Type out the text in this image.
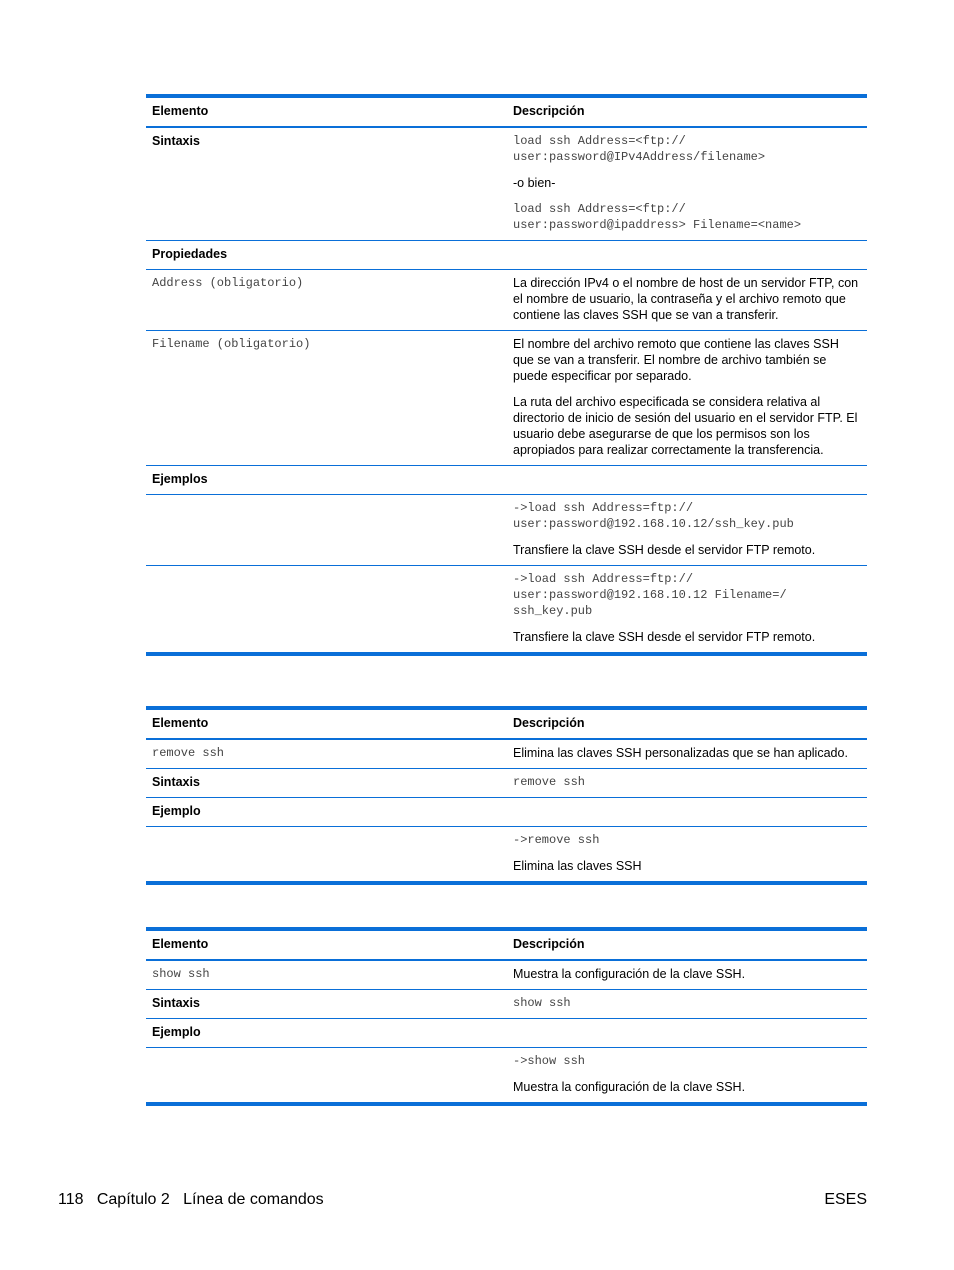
Elemento	Descripción
Sintaxis	load ssh Address=<ftp://
user:password@IPv4Address/filename>
-o bien-
load ssh Address=<ftp://
user:password@ipaddress> Filename=<name>
Propiedades
Address (obligatorio)	La dirección IPv4 o el nombre de host de un servidor FTP, con el nombre de usuario, la contraseña y el archivo remoto que contiene las claves SSH que se van a transferir.
Filename (obligatorio)	El nombre del archivo remoto que contiene las claves SSH que se van a transferir. El nombre de archivo también se puede especificar por separado.
La ruta del archivo especificada se considera relativa al directorio de inicio de sesión del usuario en el servidor FTP. El usuario debe asegurarse de que los permisos son los apropiados para realizar correctamente la transferencia.
Ejemplos
->load ssh Address=ftp://
user:password@192.168.10.12/ssh_key.pub
Transfiere la clave SSH desde el servidor FTP remoto.
->load ssh Address=ftp://
user:password@192.168.10.12 Filename=/
ssh_key.pub
Transfiere la clave SSH desde el servidor FTP remoto.
Elemento	Descripción
remove ssh	Elimina las claves SSH personalizadas que se han aplicado.
Sintaxis	remove ssh
Ejemplo
->remove ssh
Elimina las claves SSH
Elemento	Descripción
show ssh	Muestra la configuración de la clave SSH.
Sintaxis	show ssh
Ejemplo
->show ssh
Muestra la configuración de la clave SSH.
118   Capítulo 2   Línea de comandos	ESES
